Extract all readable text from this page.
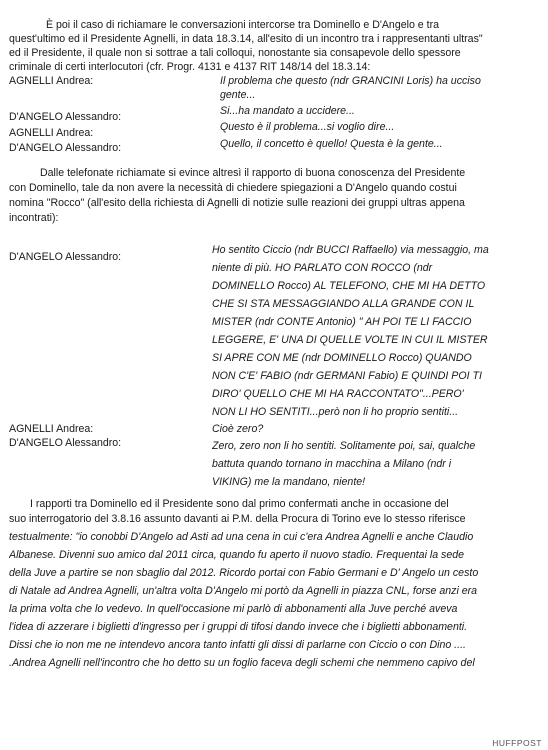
È poi il caso di richiamare le conversazioni intercorse tra Dominello e D'Angelo e tra
quest'ultimo ed il Presidente Agnelli, in data 18.3.14, all'esito di un incontro tra i rappresentanti ultras"
ed il Presidente, il quale non si sottrae a tali colloqui, nonostante sia consapevole dello spessore
criminale di certi interlocutori (cfr. Progr. 4131 e 4137 RIT 148/14 del 18.3.14:
AGNELLI Andrea:	Il problema che questo (ndr GRANCINI Loris) ha ucciso
gente...
D'ANGELO Alessandro:	Si...ha mandato a uccidere...
AGNELLI Andrea:	Questo è il problema...si voglio dire...
D'ANGELO Alessandro:	Quello, il concetto è quello! Questa è la gente...
Dalle telefonate richiamate si evince altresì il rapporto di buona conoscenza del Presidente
con Dominello, tale da non avere la necessità di chiedere spiegazioni a D'Angelo quando costui
nomina "Rocco" (all'esito della richiesta di Agnelli di notizie sulle reazioni dei gruppi ultras appena
incontrati):
D'ANGELO Alessandro:
Ho sentito Ciccio (ndr BUCCI Raffaello) via messaggio, ma
niente di più. HO PARLATO CON ROCCO (ndr
DOMINELLO Rocco) AL TELEFONO, CHE MI HA DETTO
CHE SI STA MESSAGGIANDO ALLA GRANDE CON IL
MISTER (ndr CONTE Antonio) " AH POI TE LI FACCIO
LEGGERE, E' UNA DI QUELLE VOLTE IN CUI IL MISTER
SI APRE CON ME (ndr DOMINELLO Rocco) QUANDO
NON C'E' FABIO (ndr GERMANI Fabio) E QUINDI POI TI
DIRO' QUELLO CHE MI HA RACCONTATO"...PERO'
NON LI HO SENTITI...però non li ho proprio sentiti...
AGNELLI Andrea:	Cioè zero?
D'ANGELO Alessandro:	Zero, zero non li ho sentiti. Solitamente poi, sai, qualche
battuta quando tornano in macchina a Milano (ndr i
VIKING) me la mandano, niente!
I rapporti tra Dominello ed il Presidente sono dal primo confermati anche in occasione del
suo interrogatorio del 3.8.16 assunto davanti ai P.M. della Procura di Torino eve lo stesso riferisce
testualmente: "io conobbi D'Angelo ad Asti ad una cena in cui c'era Andrea Agnelli e anche Claudio
Albanese. Divenni suo amico dal 2011 circa, quando fu aperto il nuovo stadio. Frequentai la sede
della Juve a partire se non sbaglio dal 2012. Ricordo portai con Fabio Germani e D' Angelo un cesto
di Natale ad Andrea Agnelli, un'altra volta D'Angelo mi portò da Agnelli in piazza CNL, forse anzi era
la prima volta che lo vedevo. In quell'occasione mi parlò di abbonamenti alla Juve perché aveva
l'idea di azzerare i biglietti d'ingresso per i gruppi di tifosi dando invece che i biglietti abbonamenti.
Dissi che io non me ne intendevo ancora tanto infatti gli dissi di parlarne con Ciccio o con Dino ....
.Andrea Agnelli nell'incontro che ho detto su un foglio faceva degli schemi che nemmeno capivo del
HUFFPOST
